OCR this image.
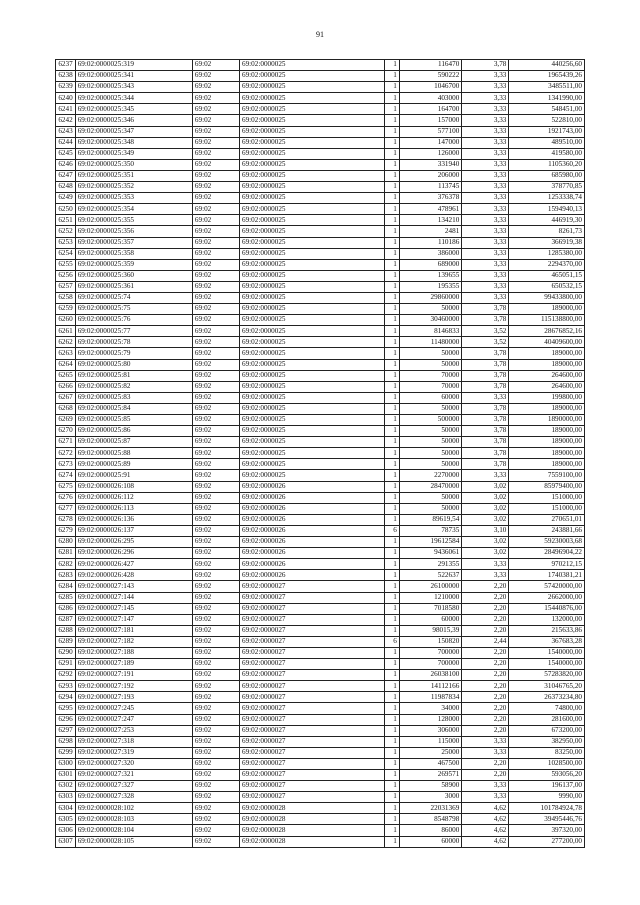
91
6237	69:02:0000025:319	69:02	69:02:0000025	1	116470	3,78	440256,60
6238	69:02:0000025:341	69:02	69:02:0000025	1	590222	3,33	1965439,26
6239	69:02:0000025:343	69:02	69:02:0000025	1	1046700	3,33	3485511,00
6240	69:02:0000025:344	69:02	69:02:0000025	1	403000	3,33	1341990,00
6241	69:02:0000025:345	69:02	69:02:0000025	1	164700	3,33	548451,00
6242	69:02:0000025:346	69:02	69:02:0000025	1	157000	3,33	522810,00
6243	69:02:0000025:347	69:02	69:02:0000025	1	577100	3,33	1921743,00
6244	69:02:0000025:348	69:02	69:02:0000025	1	147000	3,33	489510,00
6245	69:02:0000025:349	69:02	69:02:0000025	1	126000	3,33	419580,00
6246	69:02:0000025:350	69:02	69:02:0000025	1	331940	3,33	1105360,20
6247	69:02:0000025:351	69:02	69:02:0000025	1	206000	3,33	685980,00
6248	69:02:0000025:352	69:02	69:02:0000025	1	113745	3,33	378770,85
6249	69:02:0000025:353	69:02	69:02:0000025	1	376378	3,33	1253338,74
6250	69:02:0000025:354	69:02	69:02:0000025	1	478961	3,33	1594940,13
6251	69:02:0000025:355	69:02	69:02:0000025	1	134210	3,33	446919,30
6252	69:02:0000025:356	69:02	69:02:0000025	1	2481	3,33	8261,73
6253	69:02:0000025:357	69:02	69:02:0000025	1	110186	3,33	366919,38
6254	69:02:0000025:358	69:02	69:02:0000025	1	386000	3,33	1285380,00
6255	69:02:0000025:359	69:02	69:02:0000025	1	689000	3,33	2294370,00
6256	69:02:0000025:360	69:02	69:02:0000025	1	139655	3,33	465051,15
6257	69:02:0000025:361	69:02	69:02:0000025	1	195355	3,33	650532,15
6258	69:02:0000025:74	69:02	69:02:0000025	1	29860000	3,33	99433800,00
6259	69:02:0000025:75	69:02	69:02:0000025	1	50000	3,78	189000,00
6260	69:02:0000025:76	69:02	69:02:0000025	1	30460000	3,78	115138800,00
6261	69:02:0000025:77	69:02	69:02:0000025	1	8146833	3,52	28676852,16
6262	69:02:0000025:78	69:02	69:02:0000025	1	11480000	3,52	40409600,00
6263	69:02:0000025:79	69:02	69:02:0000025	1	50000	3,78	189000,00
6264	69:02:0000025:80	69:02	69:02:0000025	1	50000	3,78	189000,00
6265	69:02:0000025:81	69:02	69:02:0000025	1	70000	3,78	264600,00
6266	69:02:0000025:82	69:02	69:02:0000025	1	70000	3,78	264600,00
6267	69:02:0000025:83	69:02	69:02:0000025	1	60000	3,33	199800,00
6268	69:02:0000025:84	69:02	69:02:0000025	1	50000	3,78	189000,00
6269	69:02:0000025:85	69:02	69:02:0000025	1	500000	3,78	1890000,00
6270	69:02:0000025:86	69:02	69:02:0000025	1	50000	3,78	189000,00
6271	69:02:0000025:87	69:02	69:02:0000025	1	50000	3,78	189000,00
6272	69:02:0000025:88	69:02	69:02:0000025	1	50000	3,78	189000,00
6273	69:02:0000025:89	69:02	69:02:0000025	1	50000	3,78	189000,00
6274	69:02:0000025:91	69:02	69:02:0000025	1	2270000	3,33	7559100,00
6275	69:02:0000026:108	69:02	69:02:0000026	1	28470000	3,02	85979400,00
6276	69:02:0000026:112	69:02	69:02:0000026	1	50000	3,02	151000,00
6277	69:02:0000026:113	69:02	69:02:0000026	1	50000	3,02	151000,00
6278	69:02:0000026:136	69:02	69:02:0000026	1	89619,54	3,02	270651,01
6279	69:02:0000026:137	69:02	69:02:0000026	6	78735	3,10	243881,66
6280	69:02:0000026:295	69:02	69:02:0000026	1	19612584	3,02	59230003,68
6281	69:02:0000026:296	69:02	69:02:0000026	1	9436061	3,02	28496904,22
6282	69:02:0000026:427	69:02	69:02:0000026	1	291355	3,33	970212,15
6283	69:02:0000026:428	69:02	69:02:0000026	1	522637	3,33	1740381,21
6284	69:02:0000027:143	69:02	69:02:0000027	1	26100000	2,20	57420000,00
6285	69:02:0000027:144	69:02	69:02:0000027	1	1210000	2,20	2662000,00
6286	69:02:0000027:145	69:02	69:02:0000027	1	7018580	2,20	15440876,00
6287	69:02:0000027:147	69:02	69:02:0000027	1	60000	2,20	132000,00
6288	69:02:0000027:181	69:02	69:02:0000027	1	98015,39	2,20	215633,86
6289	69:02:0000027:182	69:02	69:02:0000027	6	150820	2,44	367683,28
6290	69:02:0000027:188	69:02	69:02:0000027	1	700000	2,20	1540000,00
6291	69:02:0000027:189	69:02	69:02:0000027	1	700000	2,20	1540000,00
6292	69:02:0000027:191	69:02	69:02:0000027	1	26038100	2,20	57283820,00
6293	69:02:0000027:192	69:02	69:02:0000027	1	14112166	2,20	31046765,20
6294	69:02:0000027:193	69:02	69:02:0000027	1	11987834	2,20	26373234,80
6295	69:02:0000027:245	69:02	69:02:0000027	1	34000	2,20	74800,00
6296	69:02:0000027:247	69:02	69:02:0000027	1	128000	2,20	281600,00
6297	69:02:0000027:253	69:02	69:02:0000027	1	306000	2,20	673200,00
6298	69:02:0000027:318	69:02	69:02:0000027	1	115000	3,33	382950,00
6299	69:02:0000027:319	69:02	69:02:0000027	1	25000	3,33	83250,00
6300	69:02:0000027:320	69:02	69:02:0000027	1	467500	2,20	1028500,00
6301	69:02:0000027:321	69:02	69:02:0000027	1	269571	2,20	593056,20
6302	69:02:0000027:327	69:02	69:02:0000027	1	58900	3,33	196137,00
6303	69:02:0000027:328	69:02	69:02:0000027	1	3000	3,33	9990,00
6304	69:02:0000028:102	69:02	69:02:0000028	1	22031369	4,62	101784924,78
6305	69:02:0000028:103	69:02	69:02:0000028	1	8548798	4,62	39495446,76
6306	69:02:0000028:104	69:02	69:02:0000028	1	86000	4,62	397320,00
6307	69:02:0000028:105	69:02	69:02:0000028	1	60000	4,62	277200,00
